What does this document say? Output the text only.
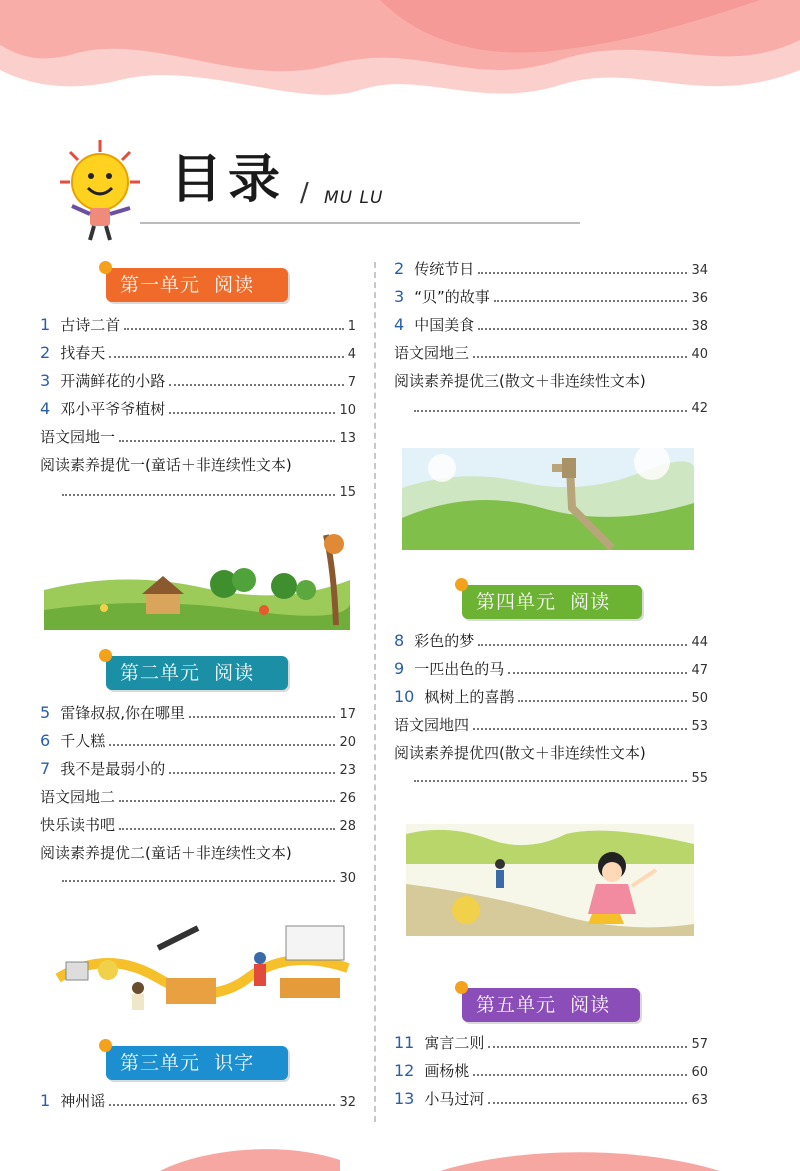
目录 / MU LU
第一单元  阅读
第二单元  阅读
第三单元  识字
第四单元  阅读
第五单元  阅读
1 古诗二首	1
2 找春天	4
3 开满鲜花的小路	7
4 邓小平爷爷植树	10
语文园地一	13
阅读素养提优一(童话＋非连续性文本)
15
5 雷锋叔叔,你在哪里	17
6 千人糕	20
7 我不是最弱小的	23
语文园地二	26
快乐读书吧	28
阅读素养提优二(童话＋非连续性文本)
30
1 神州谣	32
2 传统节日	34
3 “贝”的故事	36
4 中国美食	38
语文园地三	40
阅读素养提优三(散文＋非连续性文本)
42
8 彩色的梦	44
9 一匹出色的马	47
10 枫树上的喜鹊	50
语文园地四	53
阅读素养提优四(散文＋非连续性文本)
55
11 寓言二则	57
12 画杨桃	60
13 小马过河	63
